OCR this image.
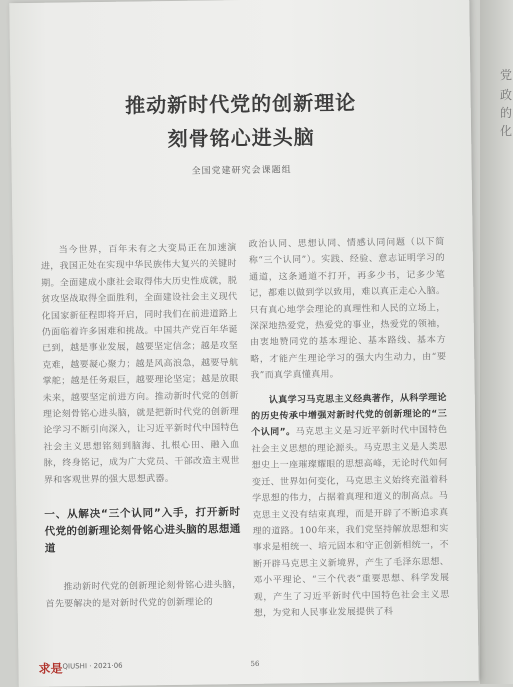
党
政
的
化
推动新时代党的创新理论
刻骨铭心进头脑
全国党建研究会课题组

当今世界，百年未有之大变局正在加速演进，我国正处在实现中华民族伟大复兴的关键时期。全面建成小康社会取得伟大历史性成就，脱贫攻坚战取得全面胜利，全面建设社会主义现代化国家新征程即将开启，同时我们在前进道路上仍面临着许多困难和挑战。中国共产党百年华诞已到，越是事业发展，越要坚定信念；越是攻坚克难，越要凝心聚力；越是风高浪急，越要导航掌舵；越是任务艰巨，越要理论坚定；越是放眼未来，越要坚定前进方向。推动新时代党的创新理论刻骨铭心进头脑，就是把新时代党的创新理论学习不断引向深入，让习近平新时代中国特色社会主义思想铭刻到脑海、扎根心田、融入血脉，终身铭记，成为广大党员、干部改造主观世界和客观世界的强大思想武器。

一、从解决“三个认同”入手，打开新时代党的创新理论刻骨铭心进头脑的思想通道

推动新时代党的创新理论刻骨铭心进头脑，首先要解决的是对新时代党的创新理论的

政治认同、思想认同、情感认同问题（以下简称“三个认同”）。实践、经验、意志证明学习的通道，这条通道不打开，再多少书，记多少笔记，都难以做到学以致用，难以真正走心入脑。只有真心地学会理论的真理性和人民的立场上，深深地热爱党，热爱党的事业，热爱党的领袖，由衷地赞同党的基本理论、基本路线、基本方略，才能产生理论学习的强大内生动力，由“要我”而真学真懂真用。

认真学习马克思主义经典著作，从科学理论的历史传承中增强对新时代党的创新理论的“三个认同”。马克思主义是习近平新时代中国特色社会主义思想的理论源头。马克思主义是人类思想史上一座璀璨耀眼的思想高峰，无论时代如何变迁、世界如何变化，马克思主义始终充溢着科学思想的伟力，占据着真理和道义的制高点。马克思主义没有结束真理，而是开辟了不断追求真理的道路。100年来，我们党坚持解放思想和实事求是相统一、培元固本和守正创新相统一，不断开辟马克思主义新境界，产生了毛泽东思想、邓小平理论、“三个代表”重要思想、科学发展观，产生了习近平新时代中国特色社会主义思想，为党和人民事业发展提供了科

求是 QIUSHI · 2021·06	56
